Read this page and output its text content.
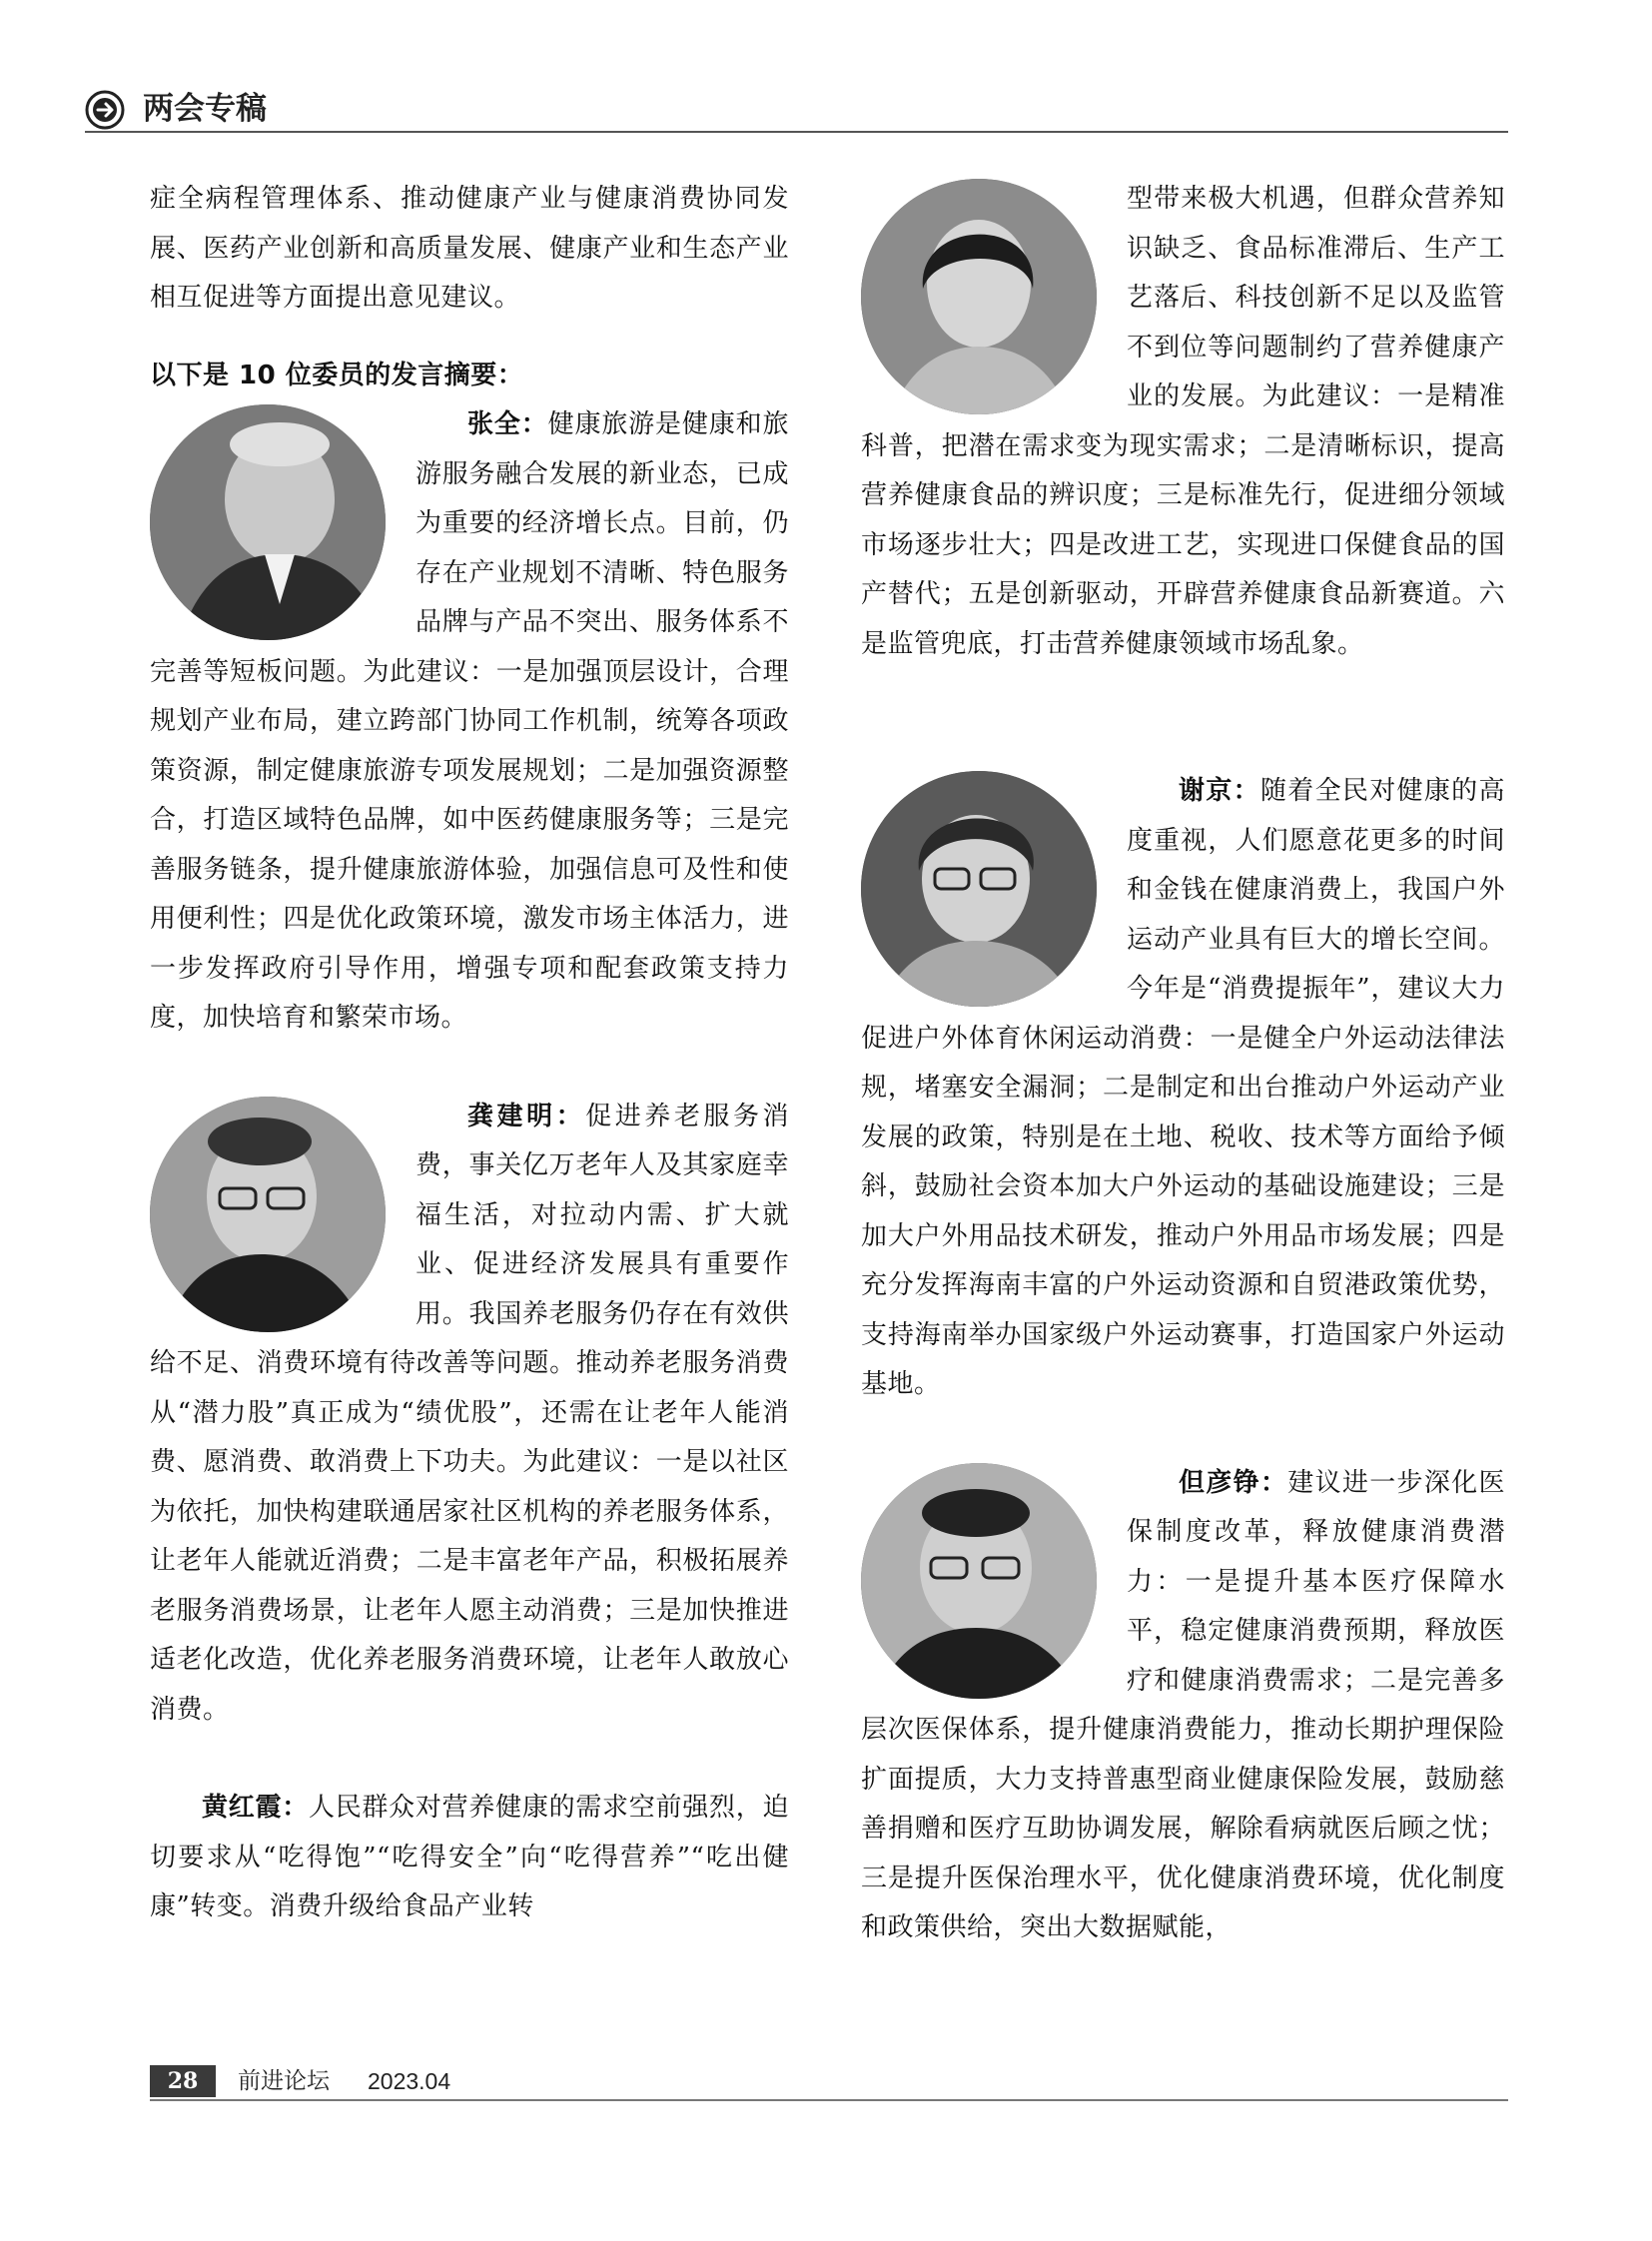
两会专稿

症全病程管理体系、推动健康产业与健康消费协同发展、医药产业创新和高质量发展、健康产业和生态产业相互促进等方面提出意见建议。

以下是 10 位委员的发言摘要：

张全：健康旅游是健康和旅游服务融合发展的新业态，已成为重要的经济增长点。目前，仍存在产业规划不清晰、特色服务品牌与产品不突出、服务体系不完善等短板问题。为此建议：一是加强顶层设计，合理规划产业布局，建立跨部门协同工作机制，统筹各项政策资源，制定健康旅游专项发展规划；二是加强资源整合，打造区域特色品牌，如中医药健康服务等；三是完善服务链条，提升健康旅游体验，加强信息可及性和使用便利性；四是优化政策环境，激发市场主体活力，进一步发挥政府引导作用，增强专项和配套政策支持力度，加快培育和繁荣市场。

龚建明：促进养老服务消费，事关亿万老年人及其家庭幸福生活，对拉动内需、扩大就业、促进经济发展具有重要作用。我国养老服务仍存在有效供给不足、消费环境有待改善等问题。推动养老服务消费从“潜力股”真正成为“绩优股”，还需在让老年人能消费、愿消费、敢消费上下功夫。为此建议：一是以社区为依托，加快构建联通居家社区机构的养老服务体系，让老年人能就近消费；二是丰富老年产品，积极拓展养老服务消费场景，让老年人愿主动消费；三是加快推进适老化改造，优化养老服务消费环境，让老年人敢放心消费。

黄红霞：人民群众对营养健康的需求空前强烈，迫切要求从“吃得饱”“吃得安全”向“吃得营养”“吃出健康”转变。消费升级给食品产业转

型带来极大机遇，但群众营养知识缺乏、食品标准滞后、生产工艺落后、科技创新不足以及监管不到位等问题制约了营养健康产业的发展。为此建议：一是精准科普，把潜在需求变为现实需求；二是清晰标识，提高营养健康食品的辨识度；三是标准先行，促进细分领域市场逐步壮大；四是改进工艺，实现进口保健食品的国产替代；五是创新驱动，开辟营养健康食品新赛道。六是监管兜底，打击营养健康领域市场乱象。

谢京：随着全民对健康的高度重视，人们愿意花更多的时间和金钱在健康消费上，我国户外运动产业具有巨大的增长空间。今年是“消费提振年”，建议大力促进户外体育休闲运动消费：一是健全户外运动法律法规，堵塞安全漏洞；二是制定和出台推动户外运动产业发展的政策，特别是在土地、税收、技术等方面给予倾斜，鼓励社会资本加大户外运动的基础设施建设；三是加大户外用品技术研发，推动户外用品市场发展；四是充分发挥海南丰富的户外运动资源和自贸港政策优势，支持海南举办国家级户外运动赛事，打造国家户外运动基地。

但彦铮：建议进一步深化医保制度改革，释放健康消费潜力：一是提升基本医疗保障水平，稳定健康消费预期，释放医疗和健康消费需求；二是完善多层次医保体系，提升健康消费能力，推动长期护理保险扩面提质，大力支持普惠型商业健康保险发展，鼓励慈善捐赠和医疗互助协调发展，解除看病就医后顾之忧；三是提升医保治理水平，优化健康消费环境，优化制度和政策供给，突出大数据赋能，

28	前进论坛 2023.04
